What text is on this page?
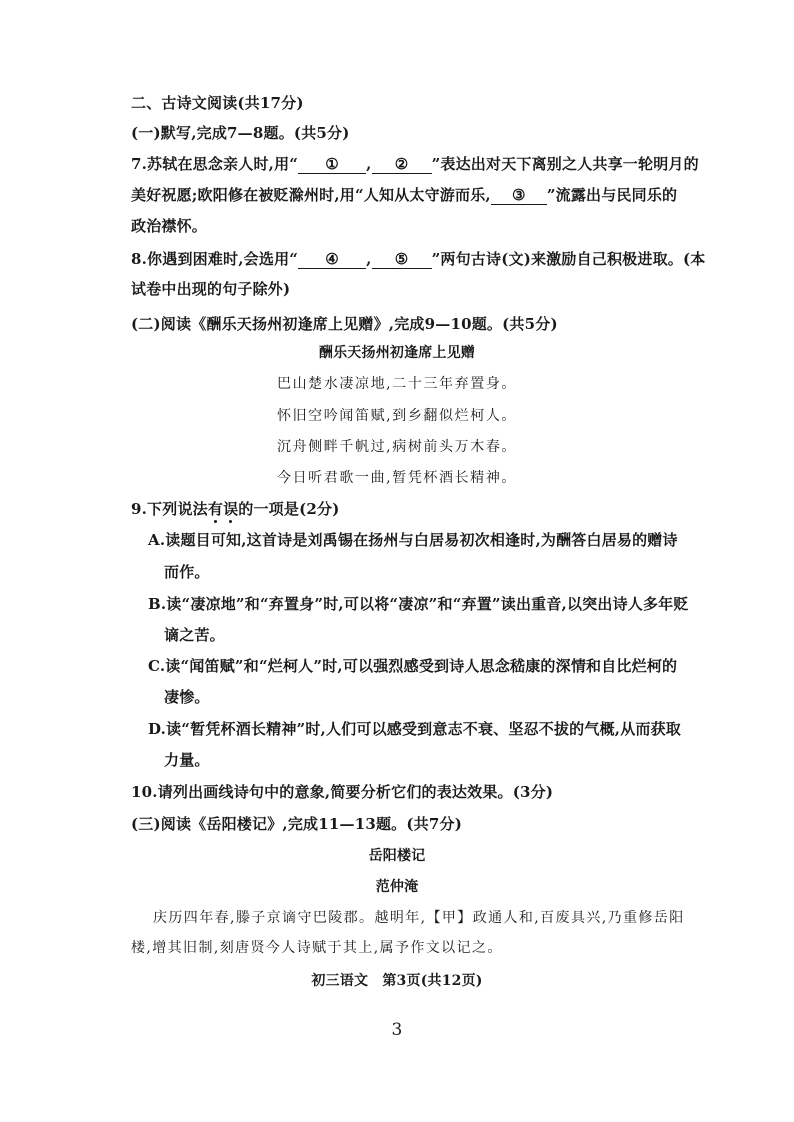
二、古诗文阅读(共17分)
(一)默写,完成7—8题。(共5分)
7.苏轼在思念亲人时,用“ ① , ② ”表达出对天下离别之人共享一轮明月的
美好祝愿;欧阳修在被贬滁州时,用“人知从太守游而乐, ③ ”流露出与民同乐的
政治襟怀。
8.你遇到困难时,会选用“ ④ , ⑤ ”两句古诗(文)来激励自己积极进取。(本
试卷中出现的句子除外)
(二)阅读《酬乐天扬州初逢席上见赠》,完成9—10题。(共5分)
酬乐天扬州初逢席上见赠
巴山楚水凄凉地,二十三年弃置身。
怀旧空吟闻笛赋,到乡翻似烂柯人。
沉舟侧畔千帆过,病树前头万木春。
今日听君歌一曲,暂凭杯酒长精神。
9.下列说法有误的一项是(2分)
A.读题目可知,这首诗是刘禹锡在扬州与白居易初次相逢时,为酬答白居易的赠诗
而作。
B.读“凄凉地”和“弃置身”时,可以将“凄凉”和“弃置”读出重音,以突出诗人多年贬
谪之苦。
C.读“闻笛赋”和“烂柯人”时,可以强烈感受到诗人思念嵇康的深情和自比烂柯的
凄惨。
D.读“暂凭杯酒长精神”时,人们可以感受到意志不衰、坚忍不拔的气概,从而获取
力量。
10.请列出画线诗句中的意象,简要分析它们的表达效果。(3分)
(三)阅读《岳阳楼记》,完成11—13题。(共7分)
岳阳楼记
范仲淹
庆历四年春,滕子京谪守巴陵郡。越明年,【甲】政通人和,百废具兴,乃重修岳阳
楼,增其旧制,刻唐贤今人诗赋于其上,属予作文以记之。
初三语文　第3页(共12页)
3
